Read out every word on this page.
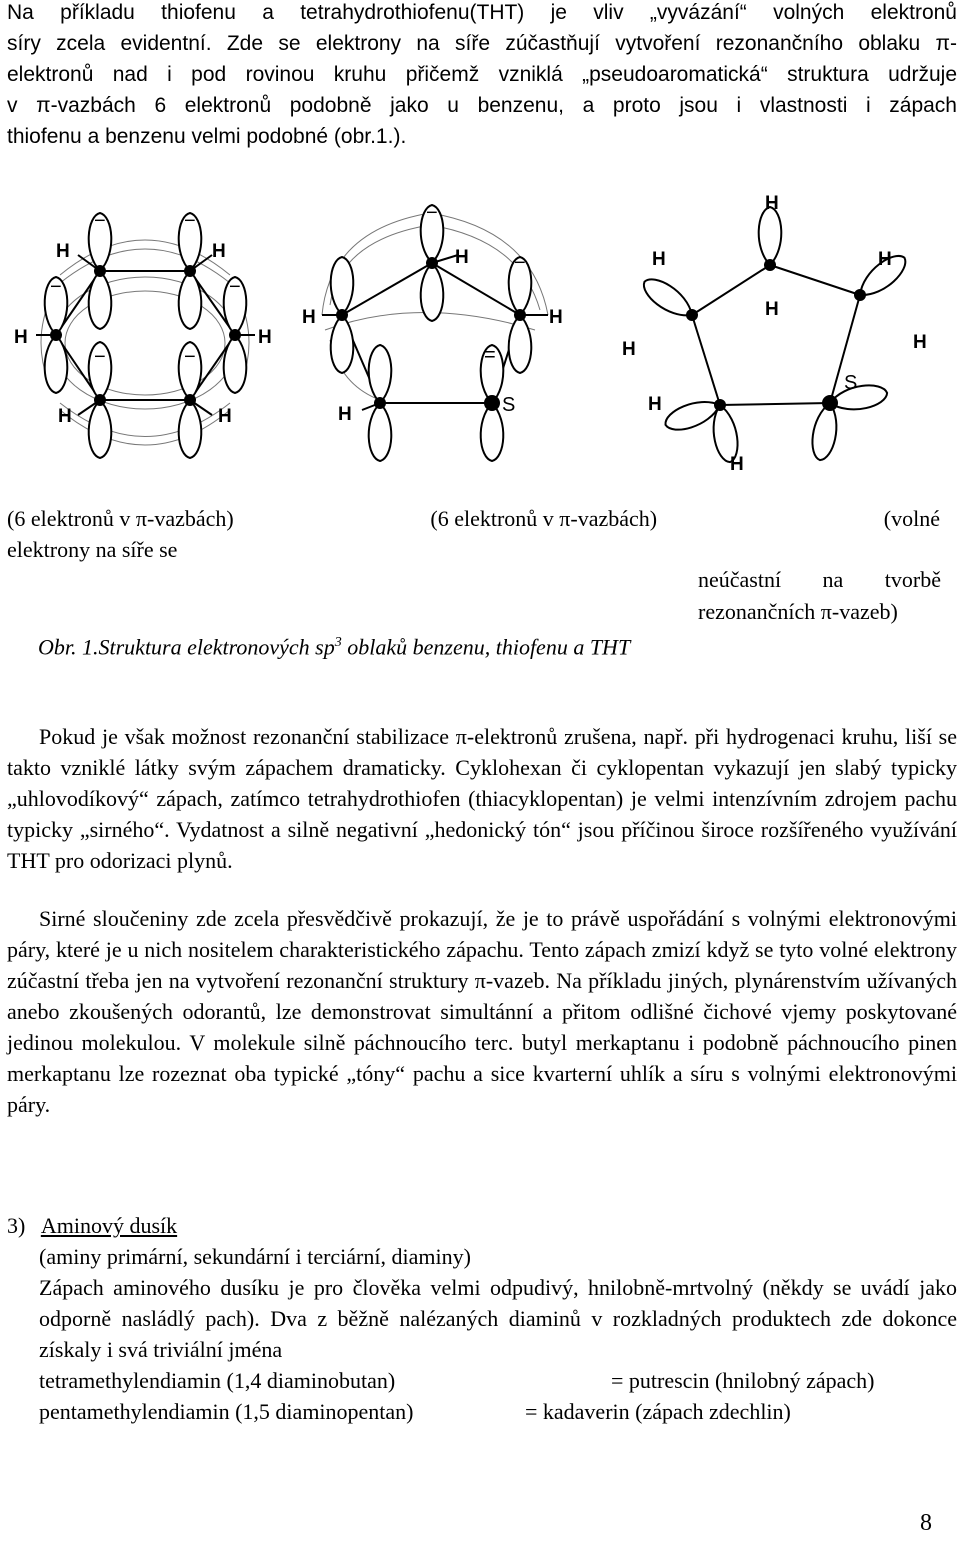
Na příkladu thiofenu a tetrahydrothiofenu(THT) je vliv „vyvázání“ volných elektronů
síry zcela evidentní. Zde se elektrony na síře zúčastňují vytvoření rezonančního oblaku π-
elektronů nad i pod rovinou kruhu přičemž vzniklá „pseudoaromatická“ struktura udržuje
v π-vazbách 6 elektronů podobně jako u benzenu, a proto jsou i vlastnosti i zápach
thiofenu a benzenu velmi podobné (obr.1.).
−	−
−	−
−	−
H	H
H	H
H	H
−
−
=
H
H	H
H	S
H
H	H
H
H	H
H
H
S
(6 elektronů v π-vazbách)	(6 elektronů v π-vazbách)	(volné
elektrony na síře se
neúčastní na tvorbě
rezonančních π-vazeb)
Obr. 1.Struktura elektronových $sp^3$ oblaků benzenu, thiofenu a THT
Pokud je však možnost rezonanční stabilizace π-elektronů zrušena, např. při hydrogenaci kruhu, liší se takto vzniklé látky svým zápachem dramaticky. Cyklohexan či cyklopentan vykazují jen slabý typicky „uhlovodíkový“ zápach, zatímco tetrahydrothiofen (thiacyklopentan) je velmi intenzívním zdrojem pachu typicky „sirného“. Vydatnost a silně negativní „hedonický tón“ jsou příčinou široce rozšířeného využívání THT pro odorizaci plynů.
Sirné sloučeniny zde zcela přesvědčivě prokazují, že je to právě uspořádání s volnými elektronovými páry, které je u nich nositelem charakteristického zápachu. Tento zápach zmizí když se tyto volné elektrony zúčastní třeba jen na vytvoření rezonanční struktury π-vazeb. Na příkladu jiných, plynárenstvím užívaných anebo zkoušených odorantů, lze demonstrovat simultánní a přitom odlišné čichové vjemy poskytované jedinou molekulou. V molekule silně páchnoucího terc. butyl merkaptanu i podobně páchnoucího pinen merkaptanu lze rozeznat oba typické „tóny“ pachu a sice kvarterní uhlík a síru s volnými elektronovými páry.
3) Aminový dusík
(aminy primární, sekundární i terciární, diaminy)
Zápach aminového dusíku je pro člověka velmi odpudivý, hnilobně-mrtvolný (někdy se uvádí jako odporně nasládlý pach). Dva z běžně nalézaných diaminů v rozkladných produktech zde dokonce získaly i svá triviální jména
tetramethylendiamin (1,4 diaminobutan)	= putrescin (hnilobný zápach)
pentamethylendiamin (1,5 diaminopentan)	= kadaverin (zápach zdechlin)
8
